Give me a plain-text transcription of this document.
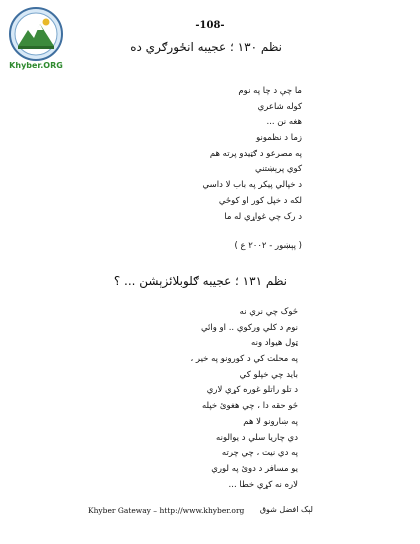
Khyber.ORG
-108-
نظم ۱۳۰ ؛ عجيبه انځورګري ده
ما چې د چا په نوم
کوله شاعري
هغه نن ...
زما د نظمونو
په مصرعو د ګټيدو پرته هم
کوي پرېښتني
د خپالي پيکر په باب لا داسي
لکه د خپل کور او کوځي
د رک چي غواړي له ما
( پېښور - ۲۰۰۲ ع )
نظم ۱۳۱ ؛ عجيبه ګلوبلائزېشن ... ؟
څوک چي نري نه
نوم د کلي ورکوي .. او وائي
ټول هيواد ونه
په محلت کي د کورونو په خير ،
بايد چي خپلو کي
د تلو راتلو غوره کړي لاري
څو حقه دا ، چي هغوئ خپله
په ښارونو لا هم
دي چاريا سلي د يوالونه
په دي نيت ، چي چرته
يو مسافر د دوئ په لوري
لاره نه کړي خطا ...
Khyber Gateway – http://www.khyber.org لېک افضل شوق
